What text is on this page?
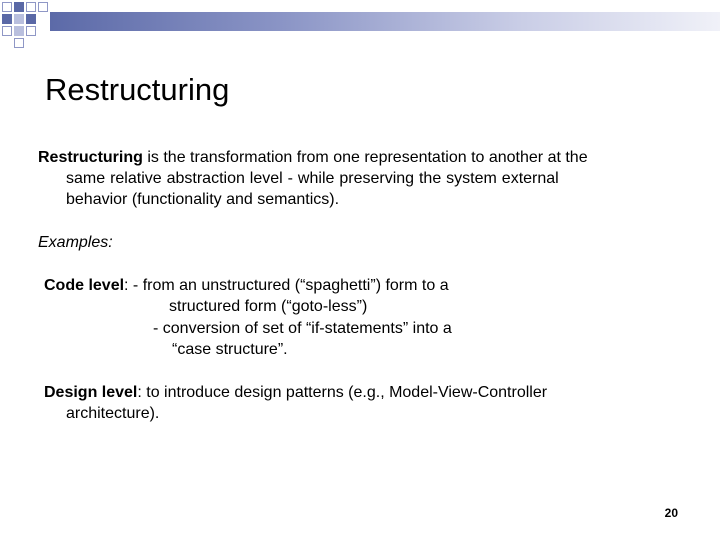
Restructuring
Restructuring is the transformation from one representation to another at the
same relative abstraction level - while preserving the system external
behavior (functionality and semantics).
Examples:
Code level: - from an unstructured (“spaghetti”) form to a
structured form (“goto-less”)
- conversion of set of “if-statements” into a
“case structure”.
Design level: to introduce design patterns (e.g., Model-View-Controller
architecture).
20
